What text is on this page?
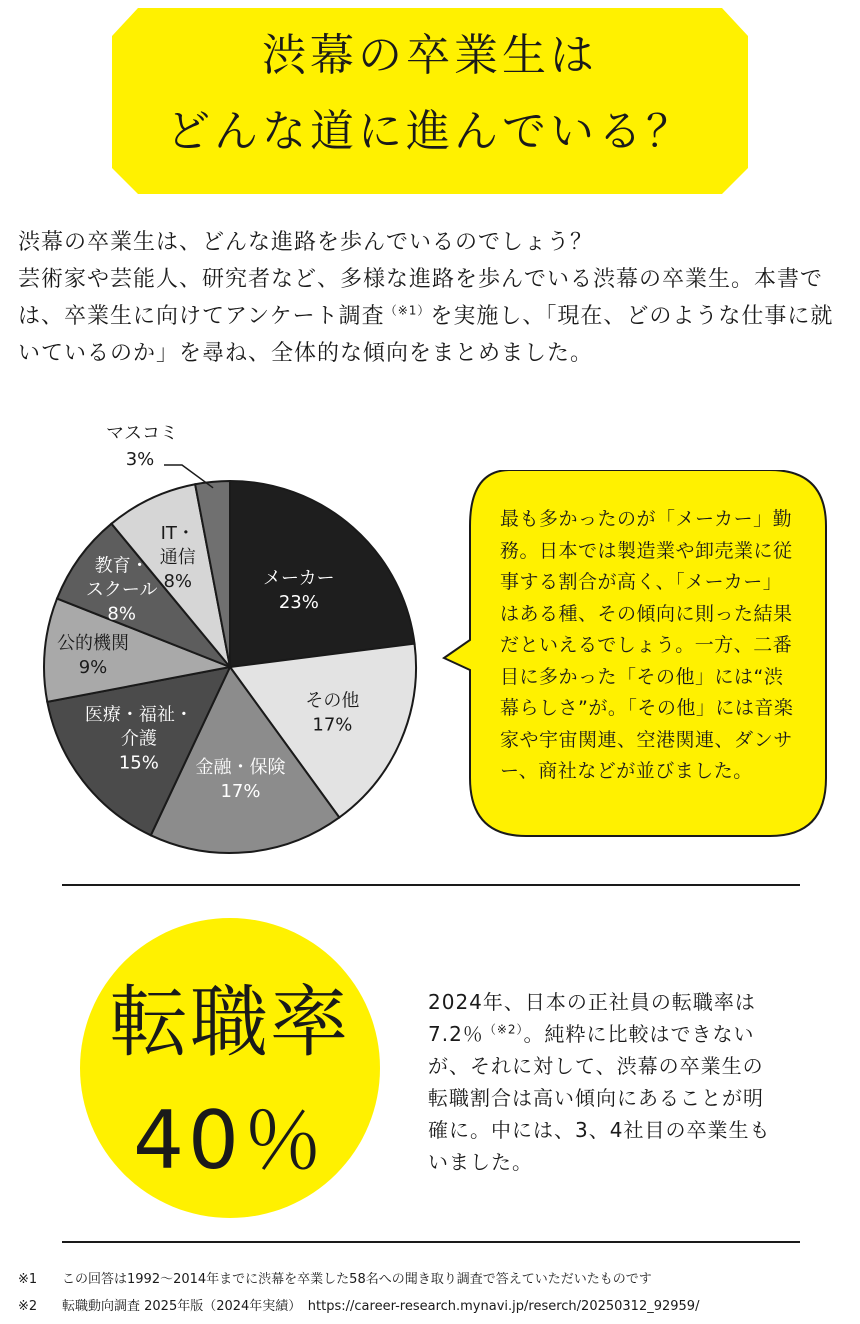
渋幕の卒業生は
どんな道に進んでいる？

渋幕の卒業生は、どんな進路を歩んでいるのでしょう？

芸術家や芸能人、研究者など、多様な進路を歩んでいる渋幕の卒業生。本書では、卒業生に向けてアンケート調査$^{(※1)}$を実施し、「現在、どのような仕事に就いているのか」を尋ね、全体的な傾向をまとめました。

メーカー
23%
その他
17%
金融・保険
17%
医療・福祉・
介護
15%
公的機関
9%
教育・
スクール
8%
IT・
通信
8%
マスコミ
3%

最も多かったのが「メーカー」勤務。日本では製造業や卸売業に従事する割合が高く、「メーカー」はある種、その傾向に則った結果だといえるでしょう。一方、二番目に多かった「その他」には“渋幕らしさ”が。「その他」には音楽家や宇宙関連、空港関連、ダンサー、商社などが並びました。

転職率
40％

2024年、日本の正社員の転職率は7.2％$^{(※2)}$。純粋に比較はできないが、それに対して、渋幕の卒業生の転職割合は高い傾向にあることが明確に。中には、3、4社目の卒業生もいました。

※1 この回答は1992～2014年までに渋幕を卒業した58名への聞き取り調査で答えていただいたものです
※2 転職動向調査 2025年版（2024年実績）　https://career-research.mynavi.jp/reserch/20250312_92959/
